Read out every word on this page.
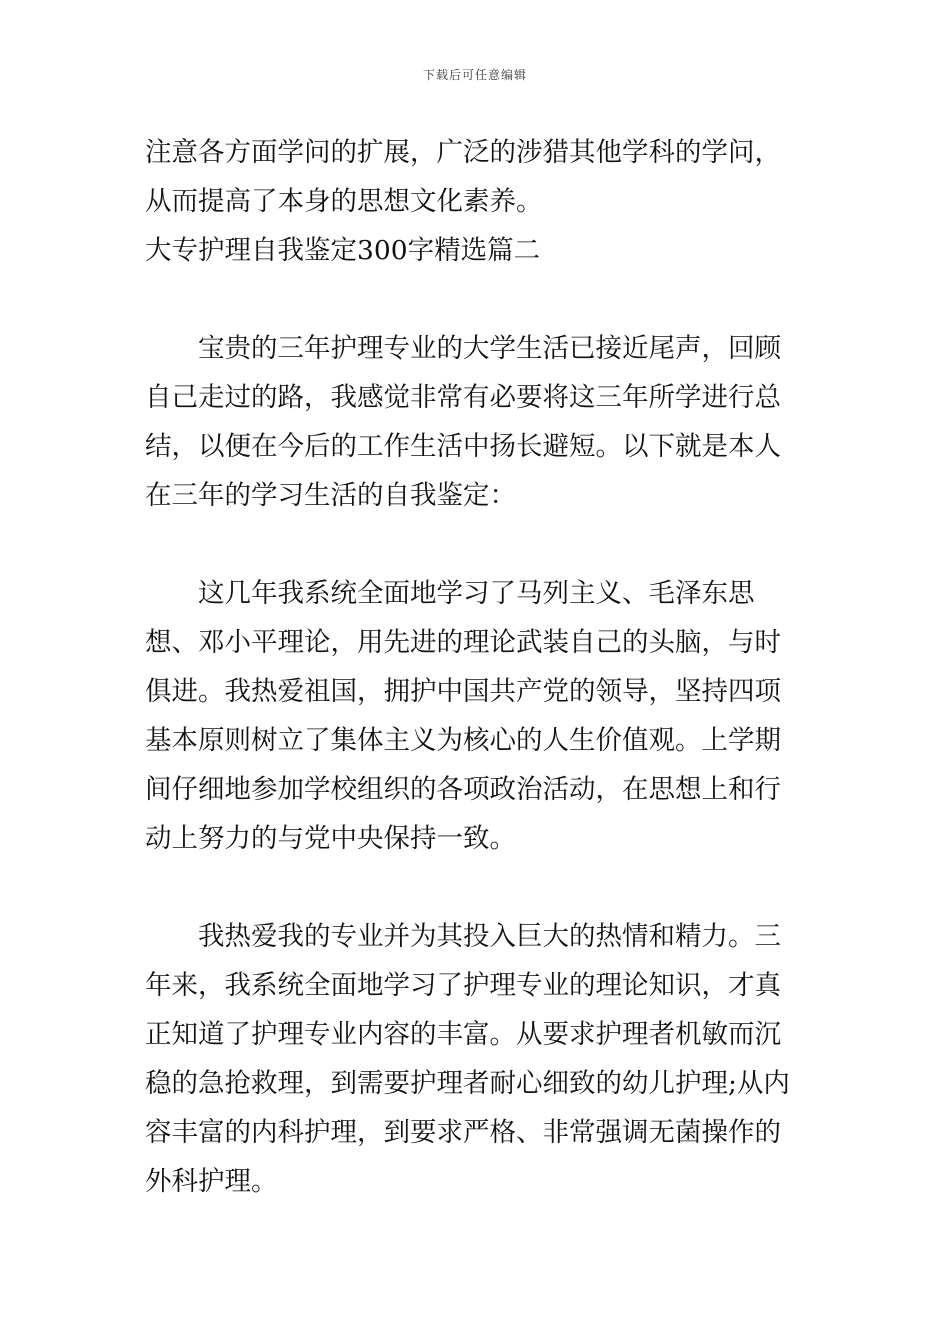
下载后可任意编辑

注意各方面学问的扩展，广泛的涉猎其他学科的学问，从而提高了本身的思想文化素养。

大专护理自我鉴定300字精选篇二

宝贵的三年护理专业的大学生活已接近尾声，回顾自己走过的路，我感觉非常有必要将这三年所学进行总结，以便在今后的工作生活中扬长避短。以下就是本人在三年的学习生活的自我鉴定：

这几年我系统全面地学习了马列主义、毛泽东思想、邓小平理论，用先进的理论武装自己的头脑，与时俱进。我热爱祖国，拥护中国共产党的领导，坚持四项基本原则树立了集体主义为核心的人生价值观。上学期间仔细地参加学校组织的各项政治活动，在思想上和行动上努力的与党中央保持一致。

我热爱我的专业并为其投入巨大的热情和精力。三年来，我系统全面地学习了护理专业的理论知识，才真正知道了护理专业内容的丰富。从要求护理者机敏而沉稳的急抢救理，到需要护理者耐心细致的幼儿护理;从内容丰富的内科护理，到要求严格、非常强调无菌操作的外科护理。
